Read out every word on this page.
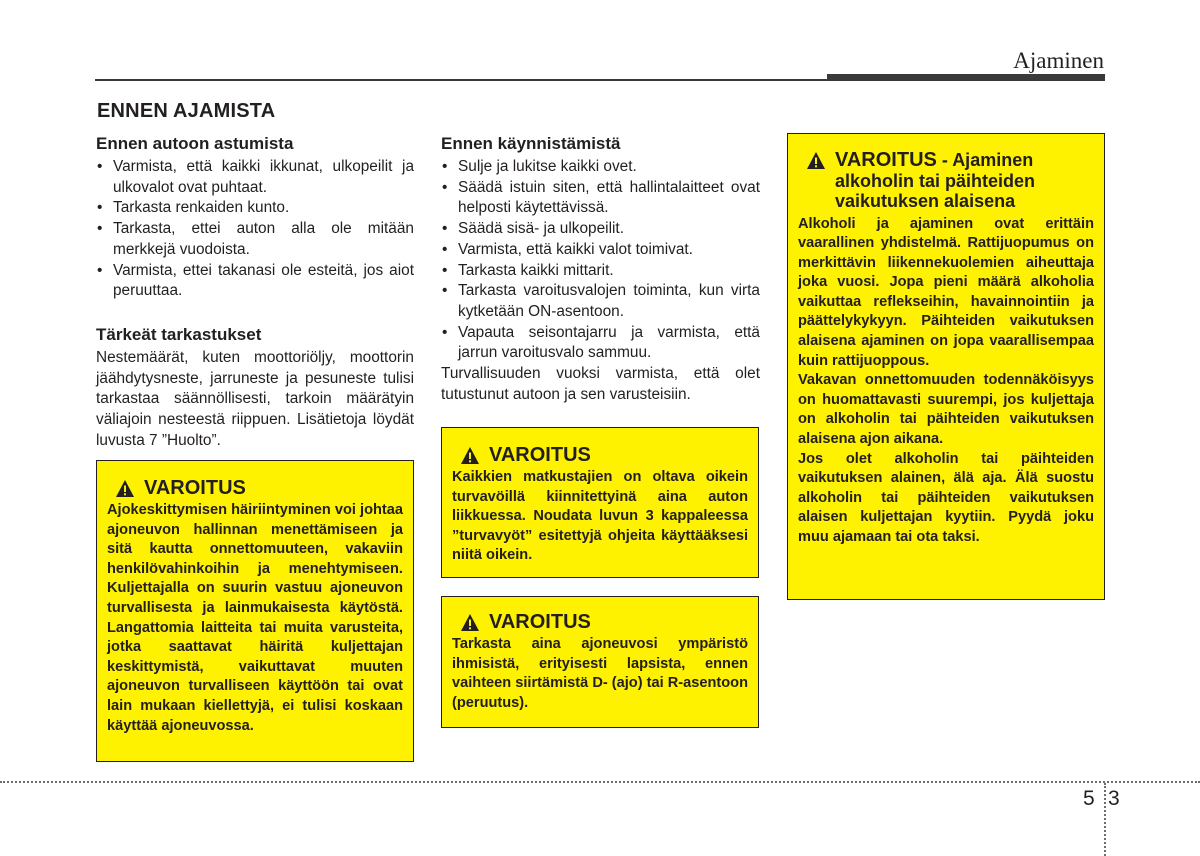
Ajaminen
ENNEN AJAMISTA
Ennen autoon astumista
• Varmista, että kaikki ikkunat, ulkopeilit ja ulkovalot ovat puhtaat.
• Tarkasta renkaiden kunto.
• Tarkasta, ettei auton alla ole mitään merkkejä vuodoista.
• Varmista, ettei takanasi ole esteitä, jos aiot peruuttaa.
Tärkeät tarkastukset

Nestemäärät, kuten moottoriöljy, moottorin jäähdytysneste, jarruneste ja pesuneste tulisi tarkastaa säännöllisesti, tarkoin määrätyin väliajoin nesteestä riippuen. Lisätietoja löydät luvusta 7 ”Huolto”.

Ennen käynnistämistä
• Sulje ja lukitse kaikki ovet.
• Säädä istuin siten, että hallintalaitteet ovat helposti käytettävissä.
• Säädä sisä- ja ulkopeilit.
• Varmista, että kaikki valot toimivat.
• Tarkasta kaikki mittarit.
• Tarkasta varoitusvalojen toiminta, kun virta kytketään ON-asentoon.
• Vapauta seisontajarru ja varmista, että jarrun varoitusvalo sammuu.

Turvallisuuden vuoksi varmista, että olet tutustunut autoon ja sen varusteisiin.

VAROITUS
Ajokeskittymisen häiriintyminen voi johtaa ajoneuvon hallinnan menettämiseen ja sitä kautta onnettomuuteen, vakaviin henkilövahinkoihin ja menehtymiseen. Kuljettajalla on suurin vastuu ajoneuvon turvallisesta ja lainmukaisesta käytöstä. Langattomia laitteita tai muita varusteita, jotka saattavat häiritä kuljettajan keskittymistä, vaikuttavat muuten ajoneuvon turvalliseen käyttöön tai ovat lain mukaan kiellettyjä, ei tulisi koskaan käyttää ajoneuvossa.
VAROITUS
Kaikkien matkustajien on oltava oikein turvavöillä kiinnitettyinä aina auton liikkuessa. Noudata luvun 3 kappaleessa ”turvavyöt” esitettyjä ohjeita käyttääksesi niitä oikein.
VAROITUS
Tarkasta aina ajoneuvosi ympäristö ihmisistä, erityisesti lapsista, ennen vaihteen siirtämistä D- (ajo) tai R-asentoon (peruutus).
VAROITUS - Ajaminen alkoholin tai päihteiden vaikutuksen alaisena

Alkoholi ja ajaminen ovat erittäin vaarallinen yhdistelmä. Rattijuopumus on merkittävin liikennekuolemien aiheuttaja joka vuosi. Jopa pieni määrä alkoholia vaikuttaa reflekseihin, havainnointiin ja päättelykykyyn. Päihteiden vaikutuksen alaisena ajaminen on jopa vaarallisempaa kuin rattijuoppous.

Vakavan onnettomuuden todennäköisyys on huomattavasti suurempi, jos kuljettaja on alkoholin tai päihteiden vaikutuksen alaisena ajon aikana.

Jos olet alkoholin tai päihteiden vaikutuksen alainen, älä aja. Älä suostu alkoholin tai päihteiden vaikutuksen alaisen kuljettajan kyytiin. Pyydä joku muu ajamaan tai ota taksi.

5 3
